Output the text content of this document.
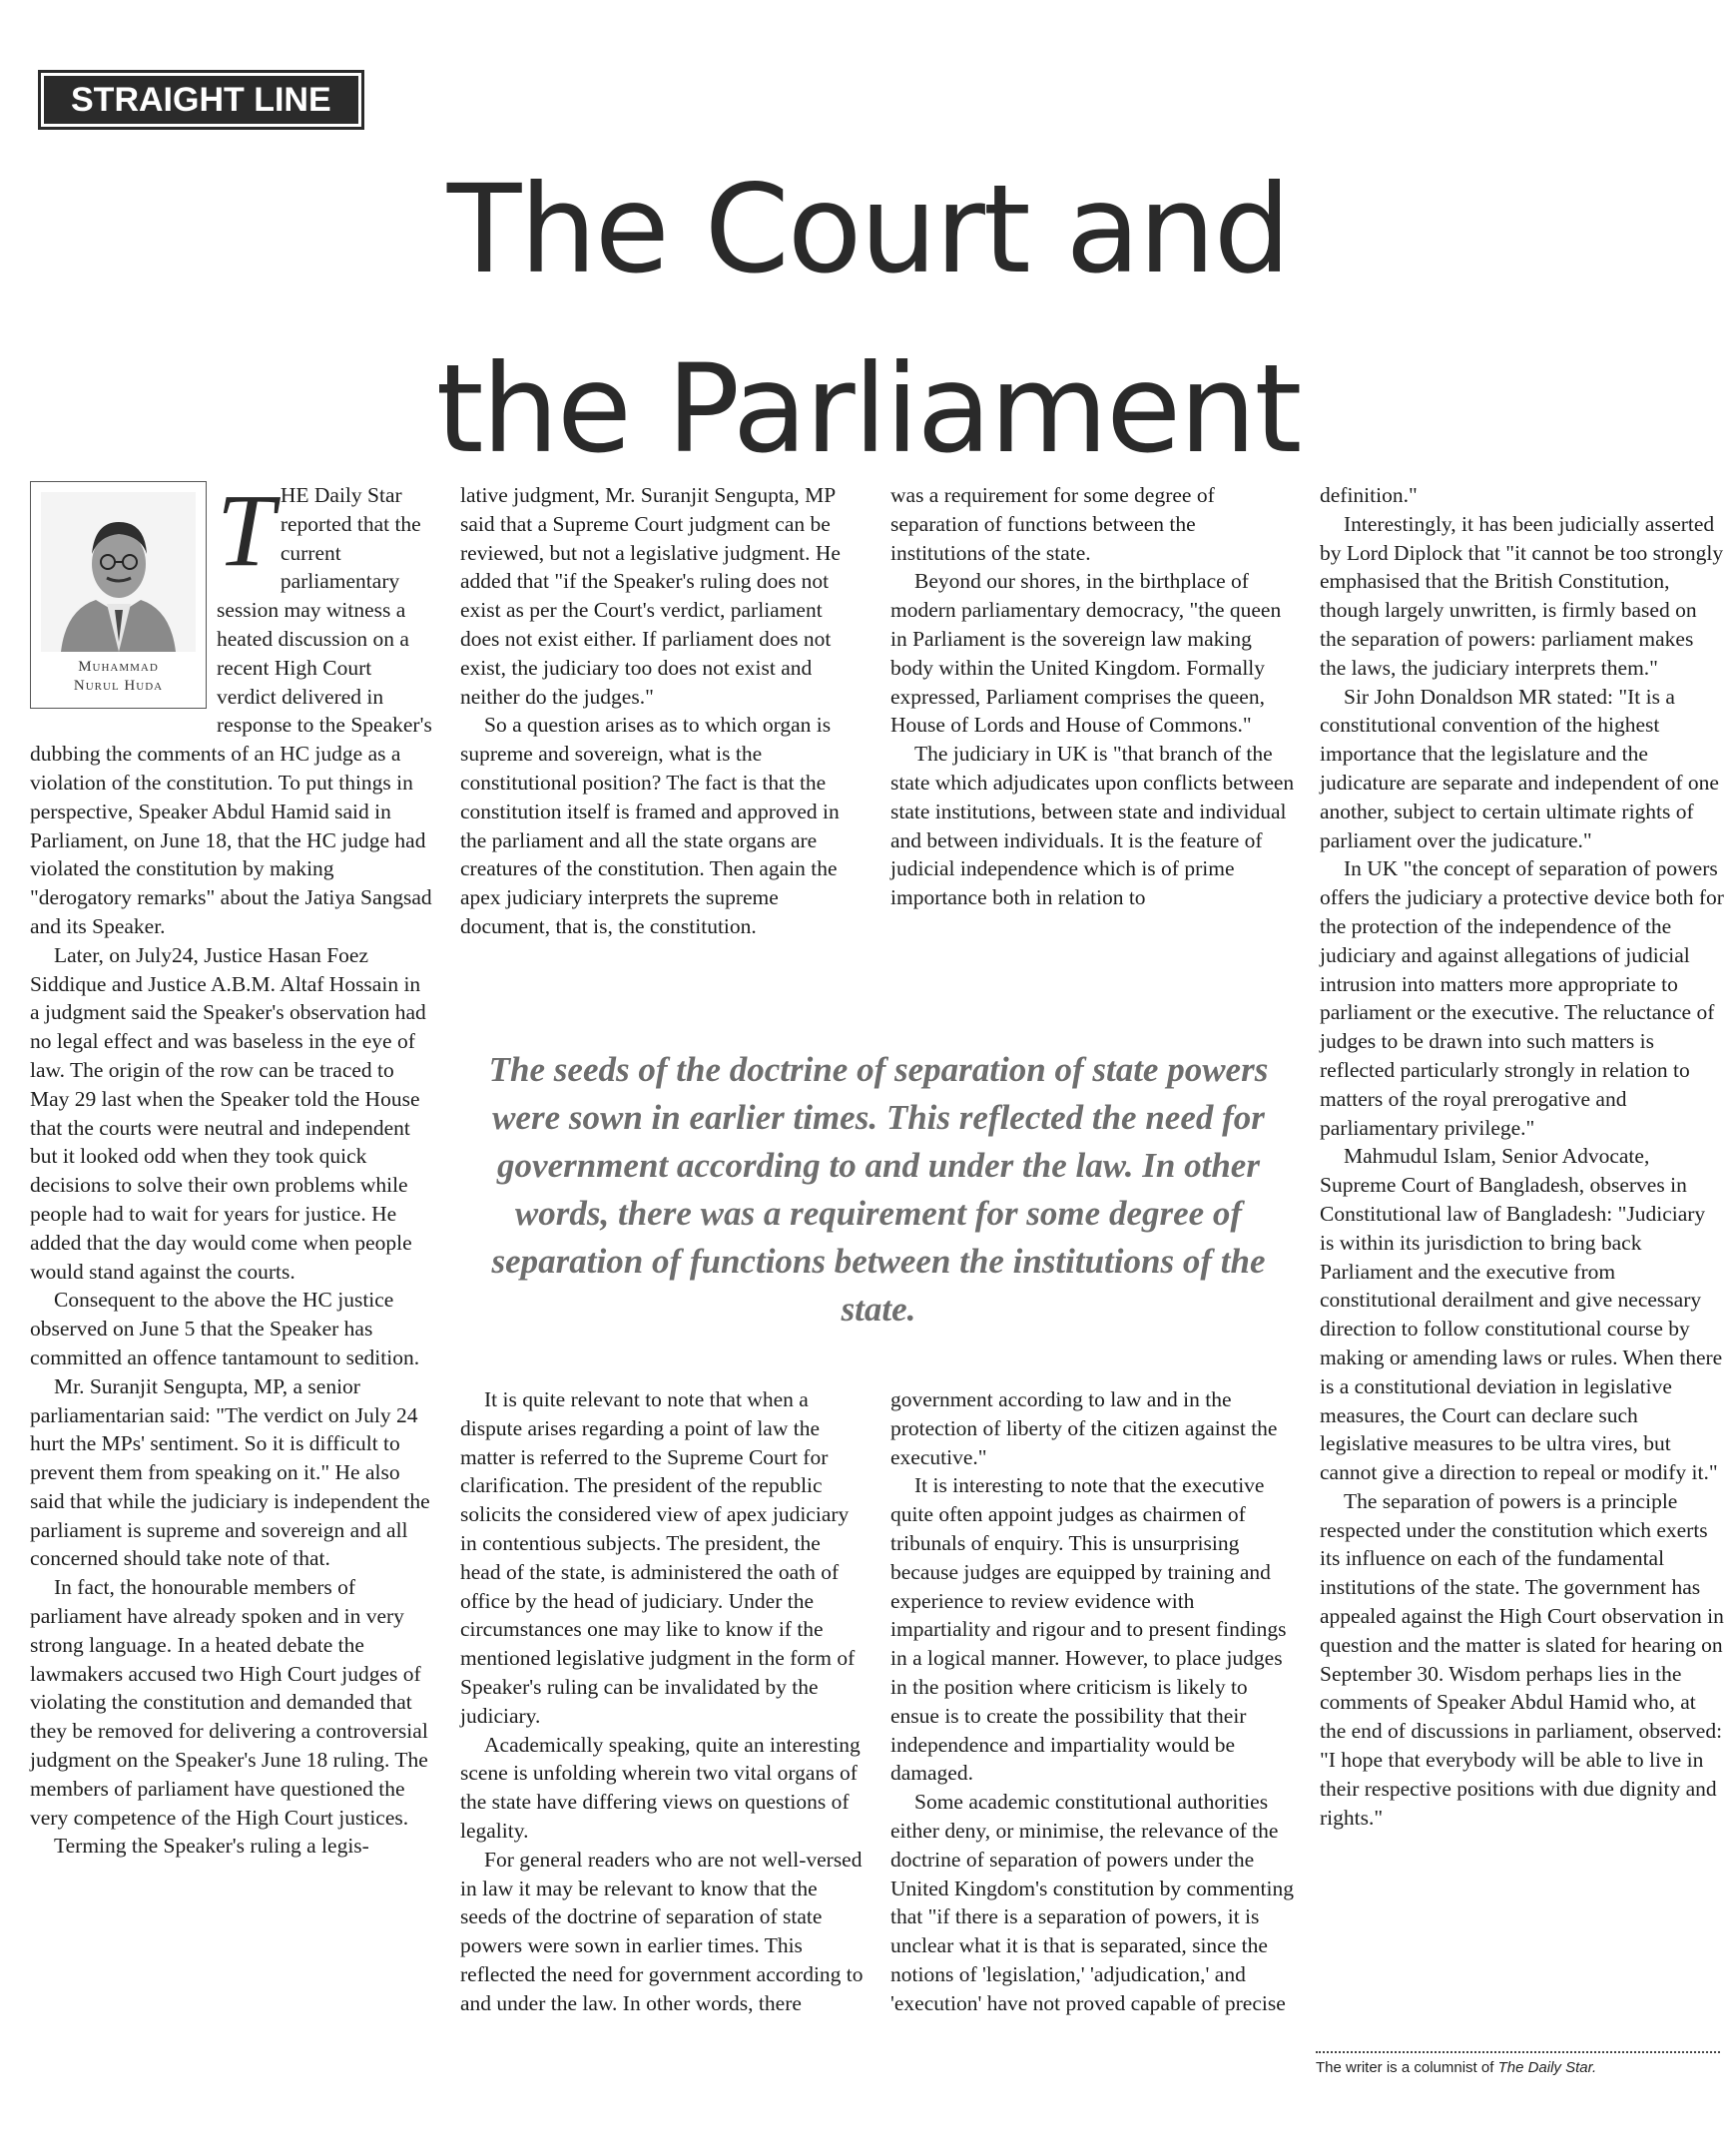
STRAIGHT LINE
The Court and
the Parliament
Muhammad
Nurul Huda

THE Daily Star reported that the current parliamentary session may witness a heated discussion on a recent High Court verdict delivered in response to the Speaker's dubbing the comments of an HC judge as a violation of the constitution. To put things in perspective, Speaker Abdul Hamid said in Parliament, on June 18, that the HC judge had violated the constitution by making "derogatory remarks" about the Jatiya Sangsad and its Speaker.

Later, on July24, Justice Hasan Foez Siddique and Justice A.B.M. Altaf Hossain in a judgment said the Speaker's observation had no legal effect and was baseless in the eye of law. The origin of the row can be traced to May 29 last when the Speaker told the House that the courts were neutral and independent but it looked odd when they took quick decisions to solve their own problems while people had to wait for years for justice. He added that the day would come when people would stand against the courts.

Consequent to the above the HC justice observed on June 5 that the Speaker has committed an offence tantamount to sedition.

Mr. Suranjit Sengupta, MP, a senior parliamentarian said: "The verdict on July 24 hurt the MPs' sentiment. So it is difficult to prevent them from speaking on it." He also said that while the judiciary is independent the parliament is supreme and sovereign and all concerned should take note of that.

In fact, the honourable members of parliament have already spoken and in very strong language. In a heated debate the lawmakers accused two High Court judges of violating the constitution and demanded that they be removed for delivering a controversial judgment on the Speaker's June 18 ruling. The members of parliament have questioned the very competence of the High Court justices.

Terming the Speaker's ruling a legis-

lative judgment, Mr. Suranjit Sengupta, MP said that a Supreme Court judgment can be reviewed, but not a legislative judgment. He added that "if the Speaker's ruling does not exist as per the Court's verdict, parliament does not exist either. If parliament does not exist, the judiciary too does not exist and neither do the judges."

So a question arises as to which organ is supreme and sovereign, what is the constitutional position? The fact is that the constitution itself is framed and approved in the parliament and all the state organs are creatures of the constitution. Then again the apex judiciary interprets the supreme document, that is, the constitution.

was a requirement for some degree of separation of functions between the institutions of the state.

Beyond our shores, in the birthplace of modern parliamentary democracy, "the queen in Parliament is the sovereign law making body within the United Kingdom. Formally expressed, Parliament comprises the queen, House of Lords and House of Commons."

The judiciary in UK is "that branch of the state which adjudicates upon conflicts between state institutions, between state and individual and between individuals. It is the feature of judicial independence which is of prime importance both in relation to

The seeds of the doctrine of separation of state powers were sown in earlier times. This reflected the need for government according to and under the law. In other words, there was a requirement for some degree of separation of functions between the institutions of the state.

It is quite relevant to note that when a dispute arises regarding a point of law the matter is referred to the Supreme Court for clarification. The president of the republic solicits the considered view of apex judiciary in contentious subjects. The president, the head of the state, is administered the oath of office by the head of judiciary. Under the circumstances one may like to know if the mentioned legislative judgment in the form of Speaker's ruling can be invalidated by the judiciary.

Academically speaking, quite an interesting scene is unfolding wherein two vital organs of the state have differing views on questions of legality.

For general readers who are not well-versed in law it may be relevant to know that the seeds of the doctrine of separation of state powers were sown in earlier times. This reflected the need for government according to and under the law. In other words, there

government according to law and in the protection of liberty of the citizen against the executive."

It is interesting to note that the executive quite often appoint judges as chairmen of tribunals of enquiry. This is unsurprising because judges are equipped by training and experience to review evidence with impartiality and rigour and to present findings in a logical manner. However, to place judges in the position where criticism is likely to ensue is to create the possibility that their independence and impartiality would be damaged.

Some academic constitutional authorities either deny, or minimise, the relevance of the doctrine of separation of powers under the United Kingdom's constitution by commenting that "if there is a separation of powers, it is unclear what it is that is separated, since the notions of 'legislation,' 'adjudication,' and 'execution' have not proved capable of precise

definition."

Interestingly, it has been judicially asserted by Lord Diplock that "it cannot be too strongly emphasised that the British Constitution, though largely unwritten, is firmly based on the separation of powers: parliament makes the laws, the judiciary interprets them."

Sir John Donaldson MR stated: "It is a constitutional convention of the highest importance that the legislature and the judicature are separate and independent of one another, subject to certain ultimate rights of parliament over the judicature."

In UK "the concept of separation of powers offers the judiciary a protective device both for the protection of the independence of the judiciary and against allegations of judicial intrusion into matters more appropriate to parliament or the executive. The reluctance of judges to be drawn into such matters is reflected particularly strongly in relation to matters of the royal prerogative and parliamentary privilege."

Mahmudul Islam, Senior Advocate, Supreme Court of Bangladesh, observes in Constitutional law of Bangladesh: "Judiciary is within its jurisdiction to bring back Parliament and the executive from constitutional derailment and give necessary direction to follow constitutional course by making or amending laws or rules. When there is a constitutional deviation in legislative measures, the Court can declare such legislative measures to be ultra vires, but cannot give a direction to repeal or modify it."

The separation of powers is a principle respected under the constitution which exerts its influence on each of the fundamental institutions of the state. The government has appealed against the High Court observation in question and the matter is slated for hearing on September 30. Wisdom perhaps lies in the comments of Speaker Abdul Hamid who, at the end of discussions in parliament, observed: "I hope that everybody will be able to live in their respective positions with due dignity and rights."

The writer is a columnist of The Daily Star.
